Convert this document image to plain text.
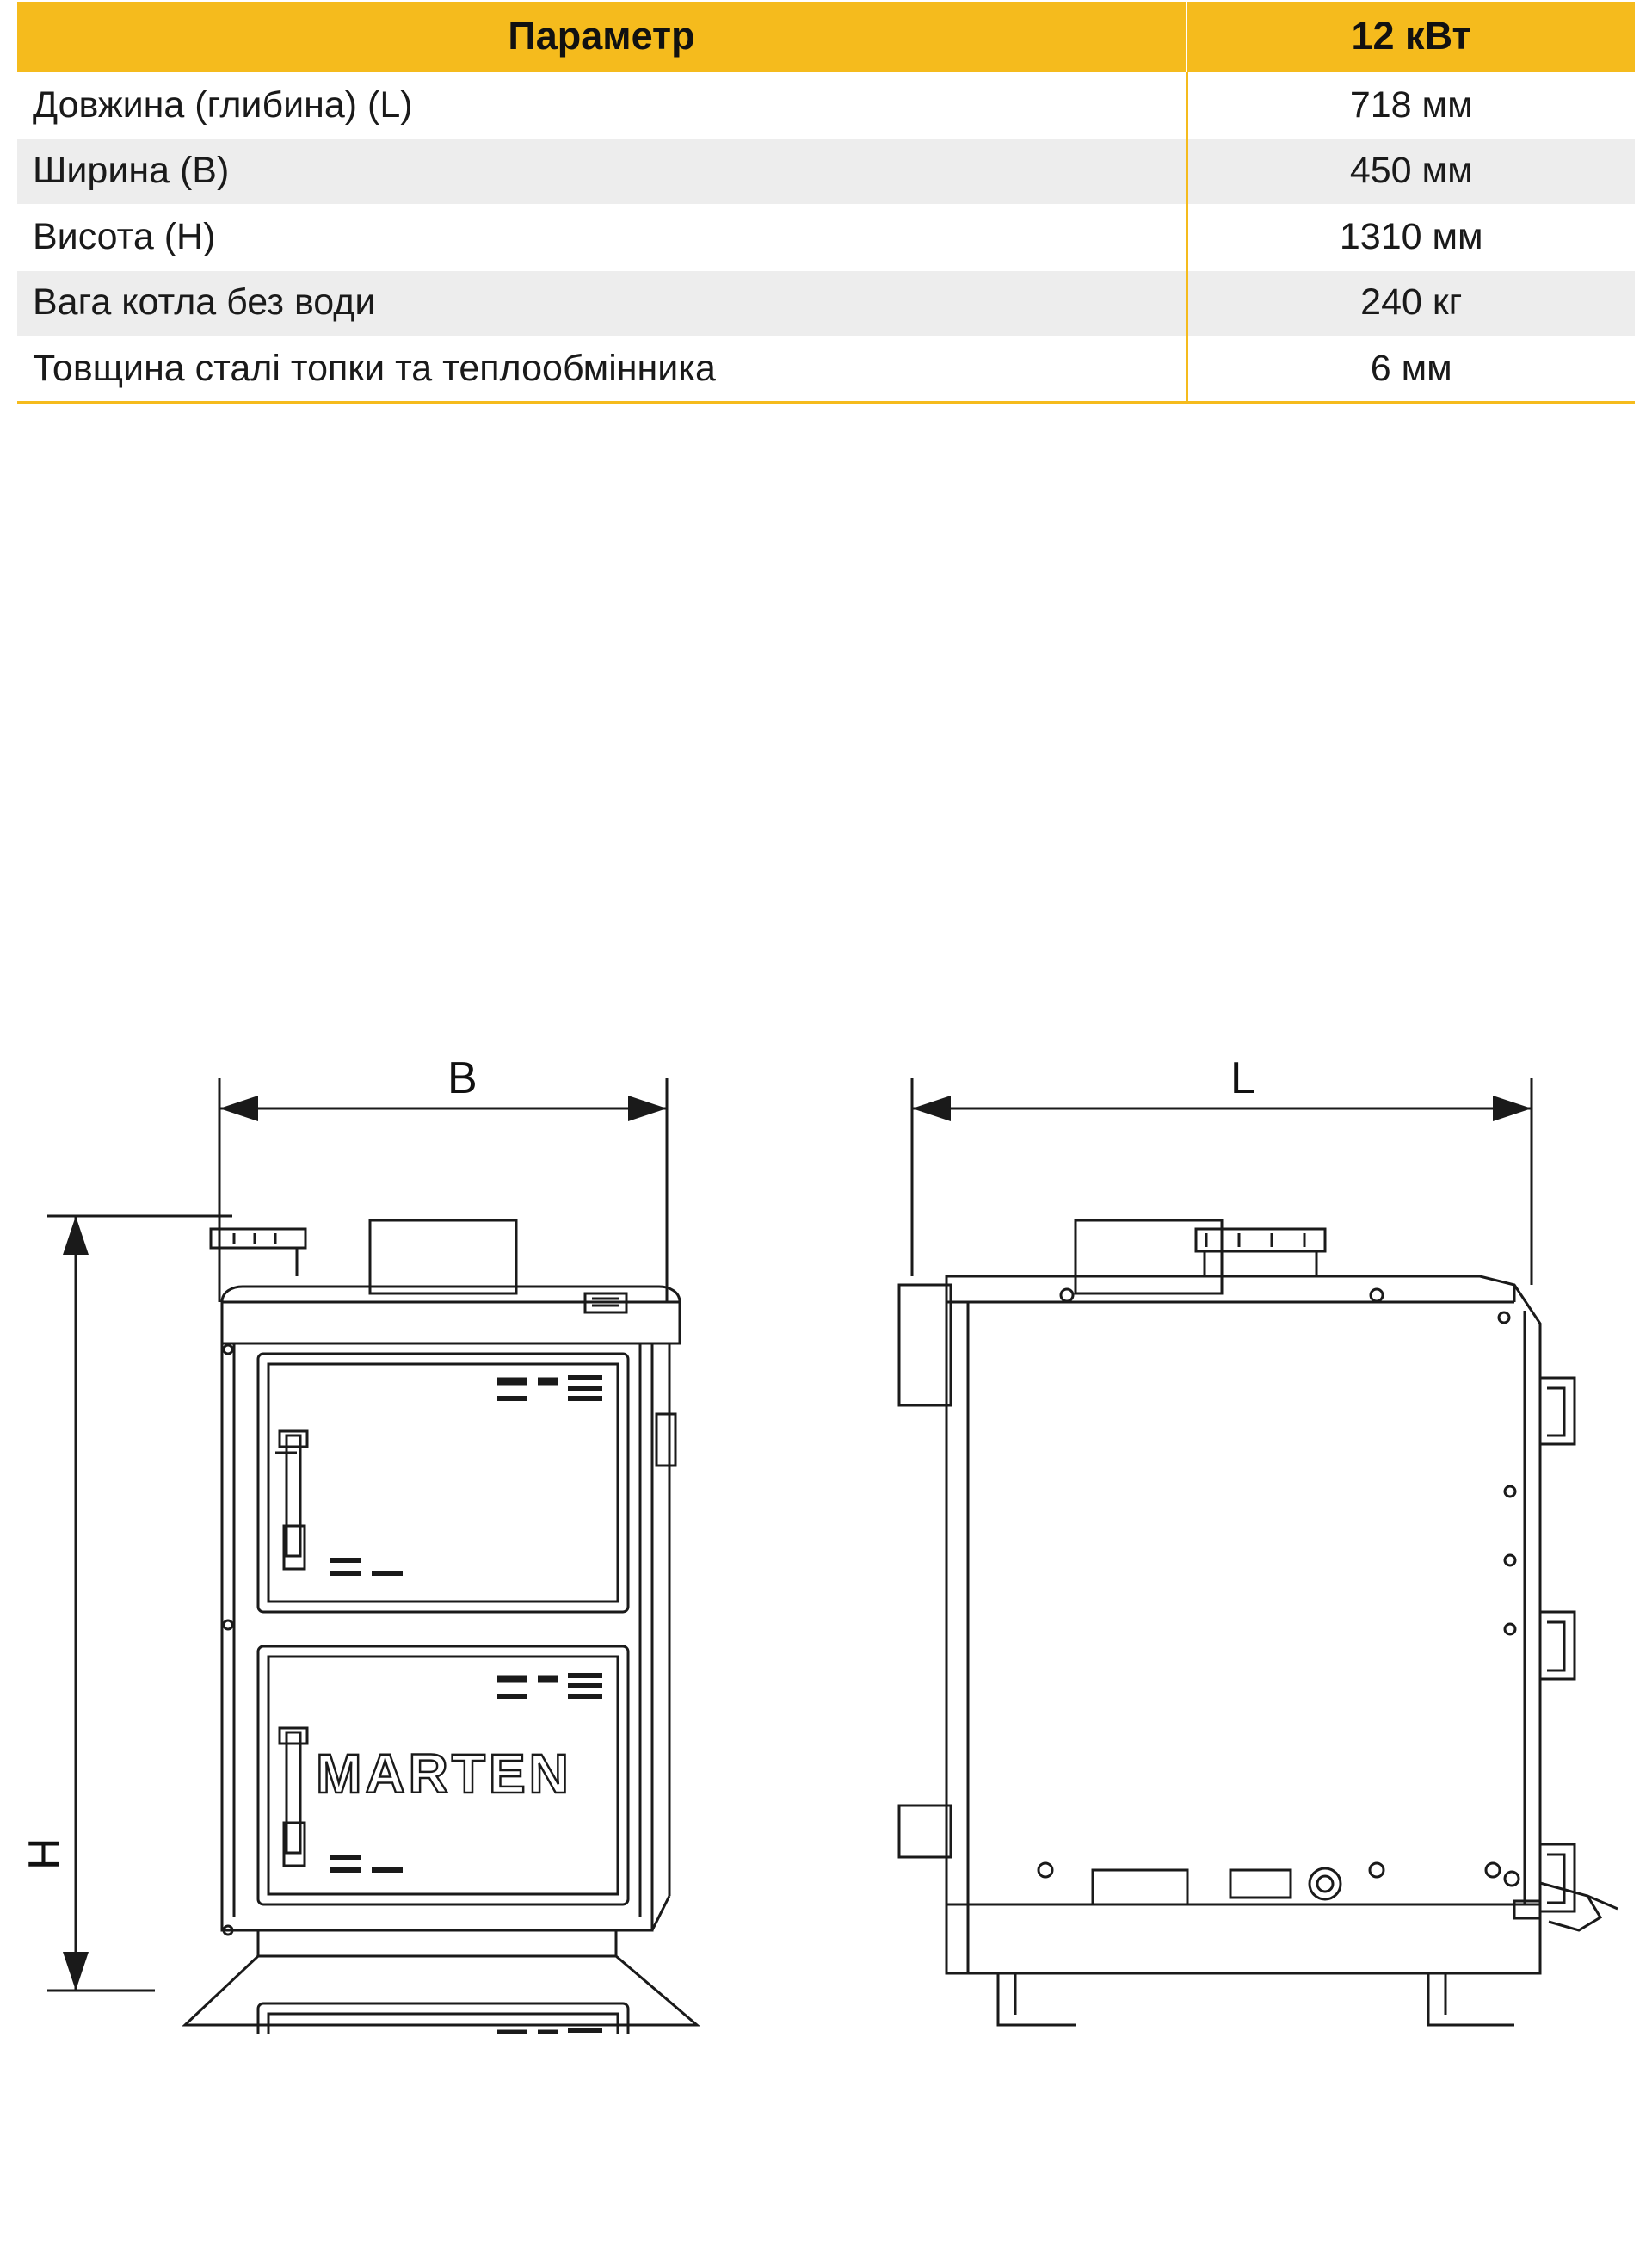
Параметр	12 кВт
Довжина (глибина) (L)	718 мм
Ширина (B)	450 мм
Висота (H)	1310 мм
Вага котла без води	240 кг
Товщина сталі топки та теплообмінника	6 мм
B	L
H
MARTEN
